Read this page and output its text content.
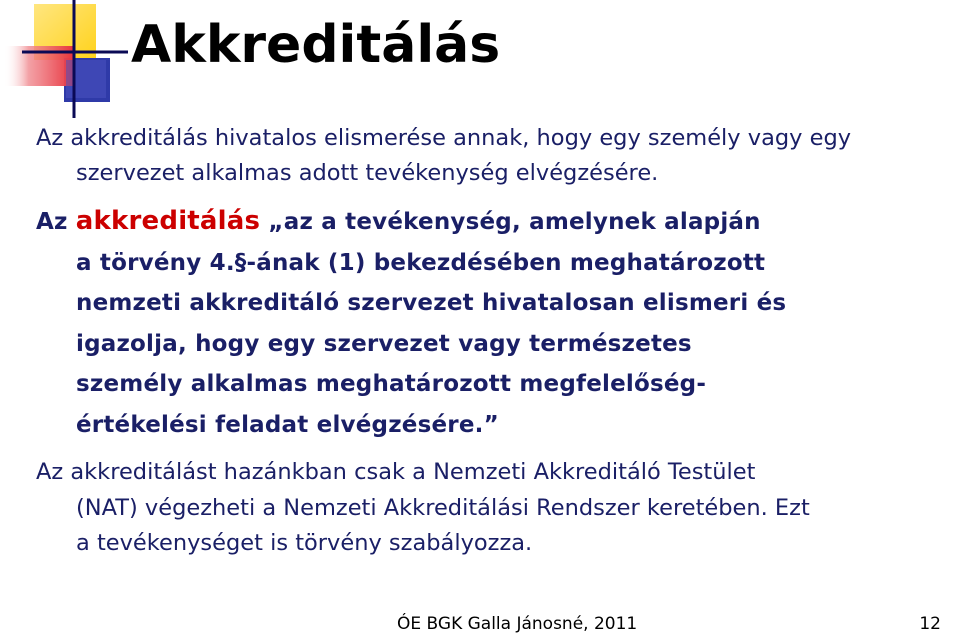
Akkreditálás
Az akkreditálás hivatalos elismerése annak, hogy egy személy vagy egy
szervezet alkalmas adott tevékenység elvégzésére.
Az akkreditálás „az a tevékenység, amelynek alapján
a törvény 4.§-ának (1) bekezdésében meghatározott
nemzeti akkreditáló szervezet hivatalosan elismeri és
igazolja, hogy egy szervezet vagy természetes
személy alkalmas meghatározott megfelelőség-
értékelési feladat elvégzésére.”
Az akkreditálást hazánkban csak a Nemzeti Akkreditáló Testület
(NAT) végezheti a Nemzeti Akkreditálási Rendszer keretében. Ezt
a tevékenységet is törvény szabályozza.
ÓE BGK Galla Jánosné, 2011	12
